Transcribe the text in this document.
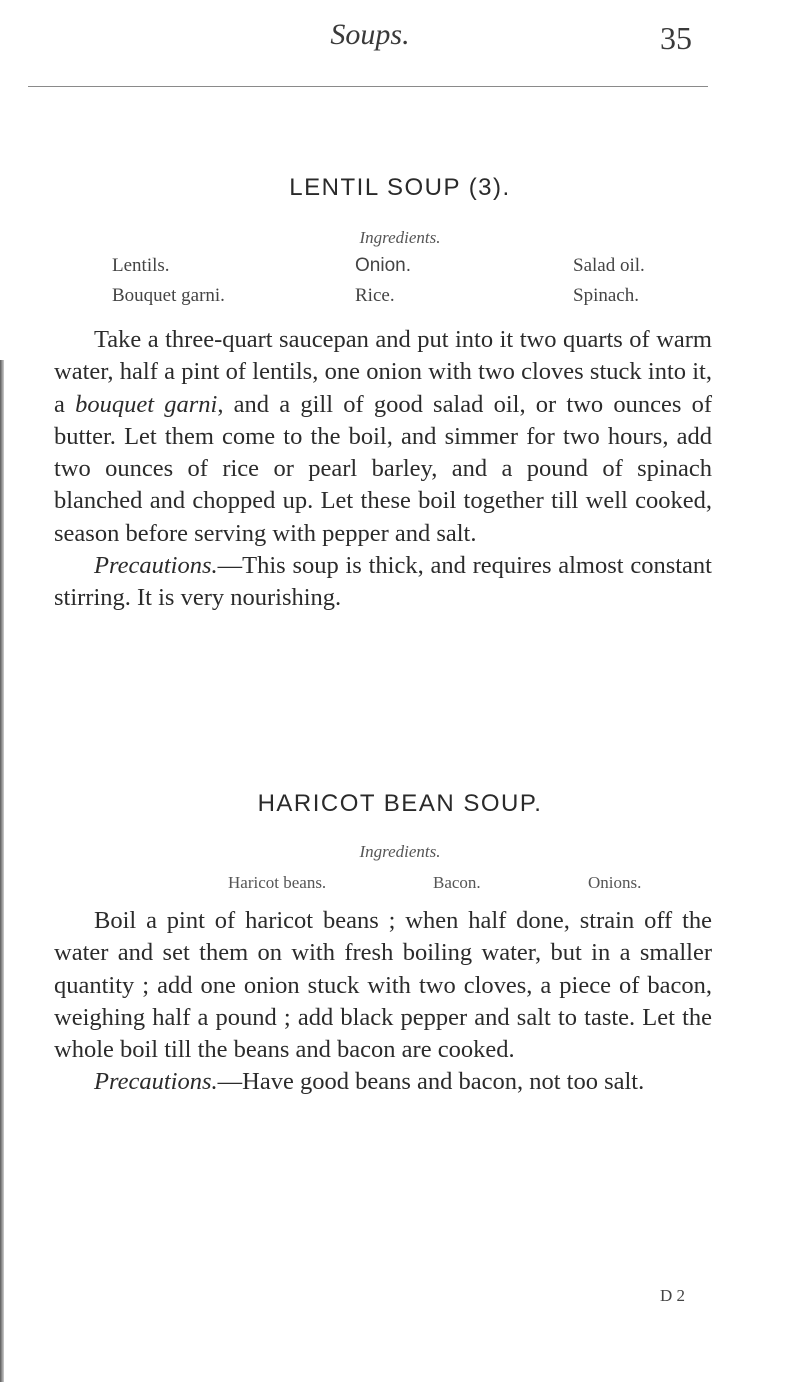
Soups.	35
LENTIL SOUP (3).
Ingredients.
Lentils.	Onion.	Salad oil.
Bouquet garni.	Rice.	Spinach.

Take a three-quart saucepan and put into it two quarts of warm water, half a pint of lentils, one onion with two cloves stuck into it, a bouquet garni, and a gill of good salad oil, or two ounces of butter. Let them come to the boil, and simmer for two hours, add two ounces of rice or pearl barley, and a pound of spinach blanched and chopped up. Let these boil together till well cooked, season before serving with pepper and salt.

Precautions.—This soup is thick, and requires almost constant stirring. It is very nourishing.

HARICOT BEAN SOUP.
Ingredients.
Haricot beans.	Bacon.	Onions.

Boil a pint of haricot beans ; when half done, strain off the water and set them on with fresh boiling water, but in a smaller quantity ; add one onion stuck with two cloves, a piece of bacon, weighing half a pound ; add black pepper and salt to taste. Let the whole boil till the beans and bacon are cooked.

Precautions.—Have good beans and bacon, not too salt.

D 2
